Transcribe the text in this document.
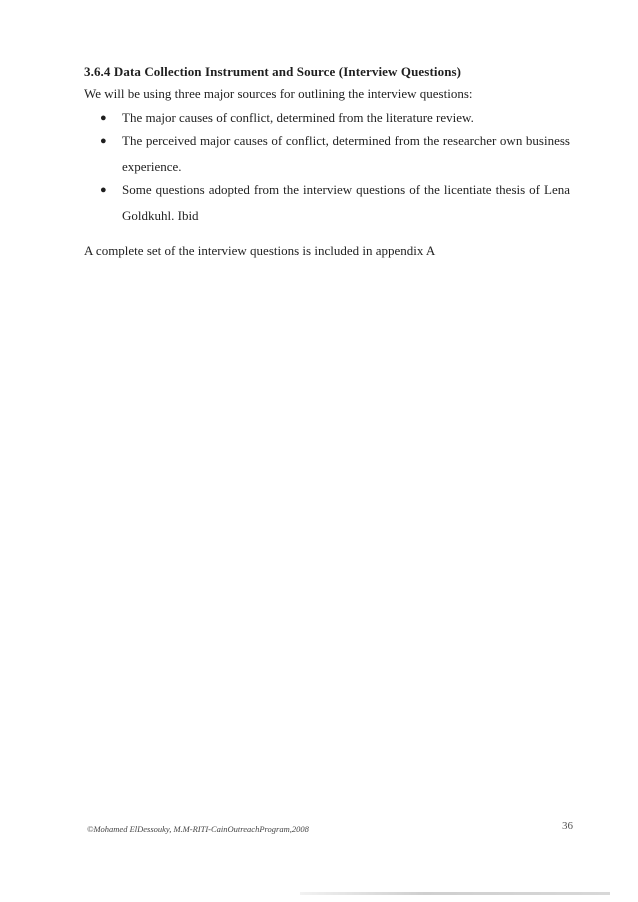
3.6.4 Data Collection Instrument and Source (Interview Questions)
We will be using three major sources for outlining the interview questions:
● The major causes of conflict, determined from the literature review.
● The perceived major causes of conflict, determined from the researcher own business experience.
● Some questions adopted from the interview questions of the licentiate thesis of Lena
Goldkuhl. Ibid
A complete set of the interview questions is included in appendix A
©Mohamed ElDessouky, M.M-RITI-CainOutreachProgram,2008	36
